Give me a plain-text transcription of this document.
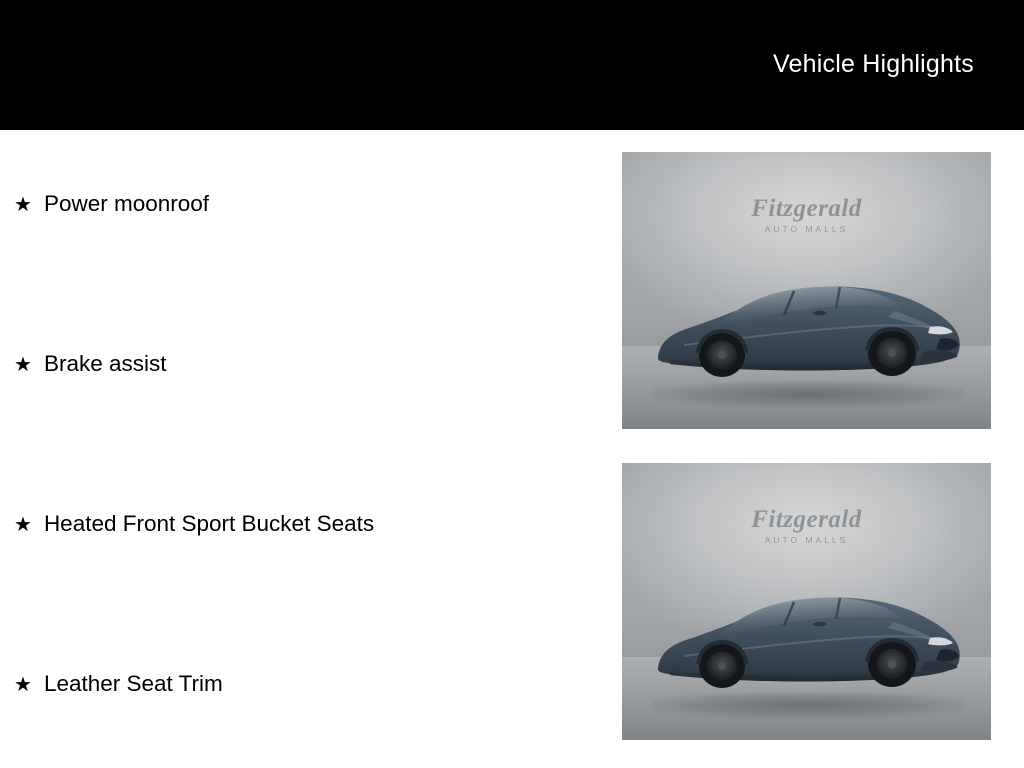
Vehicle Highlights
★ Power moonroof
★ Brake assist
★ Heated Front Sport Bucket Seats
★ Leather Seat Trim
Fitzgerald
AUTO MALLS
Fitzgerald
AUTO MALLS
